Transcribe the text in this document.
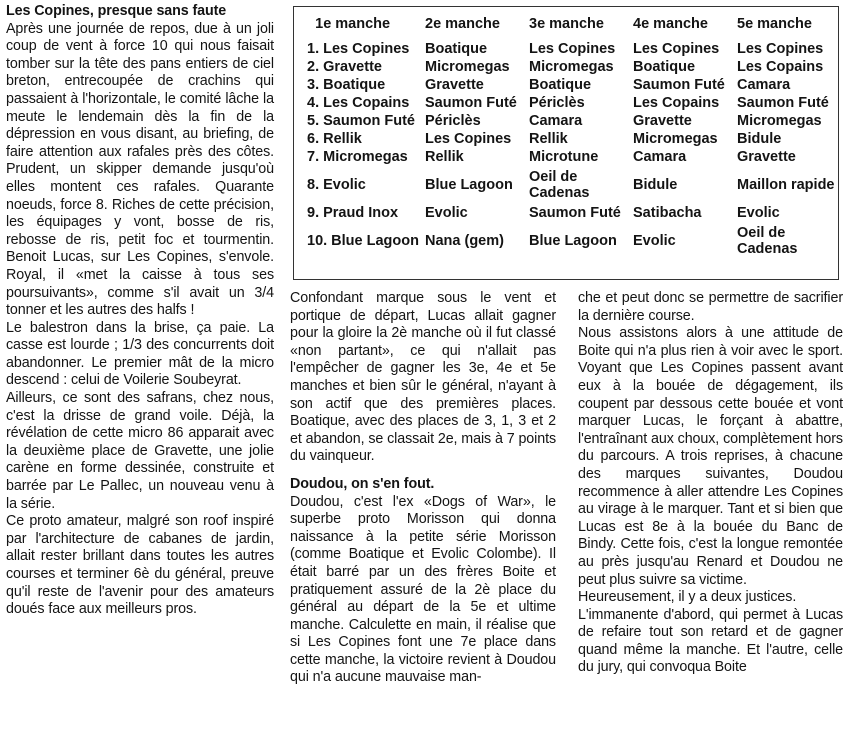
Les Copines, presque sans faute

Après une journée de repos, due à un joli coup de vent à force 10 qui nous faisait tomber sur la tête des pans entiers de ciel breton, entrecoupée de crachins qui passaient à l'horizontale, le comité lâche la meute le lendemain dès la fin de la dépression en vous disant, au briefing, de faire attention aux rafales près des côtes. Prudent, un skipper demande jusqu'où elles montent ces rafales. Quarante noeuds, force 8. Riches de cette précision, les équipages y vont, bosse de ris, rebosse de ris, petit foc et tourmentin. Benoit Lucas, sur Les Copines, s'envole. Royal, il «met la caisse à tous ses poursuivants», comme s'il avait un 3/4 tonner et les autres des halfs !

Le balestron dans la brise, ça paie. La casse est lourde ; 1/3 des concurrents doit abandonner. Le premier mât de la micro descend : celui de Voilerie Soubeyrat.

Ailleurs, ce sont des safrans, chez nous, c'est la drisse de grand voile. Déjà, la révélation de cette micro 86 apparait avec la deuxième place de Gravette, une jolie carène en forme dessinée, construite et barrée par Le Pallec, un nouveau venu à la série.

Ce proto amateur, malgré son roof inspiré par l'architecture de cabanes de jardin, allait rester brillant dans toutes les autres courses et terminer 6è du général, preuve qu'il reste de l'avenir pour des amateurs doués face aux meilleurs pros.

	1e manche	2e manche	3e manche	4e manche	5e manche
1. Les Copines		Boatique	Les Copines	Les Copines	Les Copines
2. Gravette		Micromegas	Micromegas	Boatique	Les Copains
3. Boatique		Gravette	Boatique	Saumon Futé	Camara
4. Les Copains		Saumon Futé	Périclès	Les Copains	Saumon Futé
5. Saumon Futé		Périclès	Camara	Gravette	Micromegas
6. Rellik		Les Copines	Rellik	Micromegas	Bidule
7. Micromegas		Rellik	Microtune	Camara	Gravette
8. Evolic		Blue Lagoon	Oeil de Cadenas	Bidule	Maillon rapide
9. Praud Inox		Evolic	Saumon Futé	Satibacha	Evolic
10. Blue Lagoon		Nana (gem)	Blue Lagoon	Evolic	Oeil de Cadenas

Confondant marque sous le vent et portique de départ, Lucas allait gagner pour la gloire la 2è manche où il fut classé «non partant», ce qui n'allait pas l'empêcher de gagner les 3e, 4e et 5e manches et bien sûr le général, n'ayant à son actif que des premières places. Boatique, avec des places de 3, 1, 3 et 2 et abandon, se classait 2e, mais à 7 points du vainqueur.

Doudou, on s'en fout.

Doudou, c'est l'ex «Dogs of War», le superbe proto Morisson qui donna naissance à la petite série Morisson (comme Boatique et Evolic Colombe). Il était barré par un des frères Boite et pratiquement assuré de la 2è place du général au départ de la 5e et ultime manche. Calculette en main, il réalise que si Les Copines font une 7e place dans cette manche, la victoire revient à Doudou qui n'a aucune mauvaise man-

che et peut donc se permettre de sacrifier la dernière course.

Nous assistons alors à une attitude de Boite qui n'a plus rien à voir avec le sport. Voyant que Les Copines passent avant eux à la bouée de dégagement, ils coupent par dessous cette bouée et vont marquer Lucas, le forçant à abattre, l'entraînant aux choux, complètement hors du parcours. A trois reprises, à chacune des marques suivantes, Doudou recommence à aller attendre Les Copines au virage à le marquer. Tant et si bien que Lucas est 8e à la bouée du Banc de Bindy. Cette fois, c'est la longue remontée au près jusqu'au Renard et Doudou ne peut plus suivre sa victime.

Heureusement, il y a deux justices.

L'immanente d'abord, qui permet à Lucas de refaire tout son retard et de gagner quand même la manche. Et l'autre, celle du jury, qui convoqua Boite
